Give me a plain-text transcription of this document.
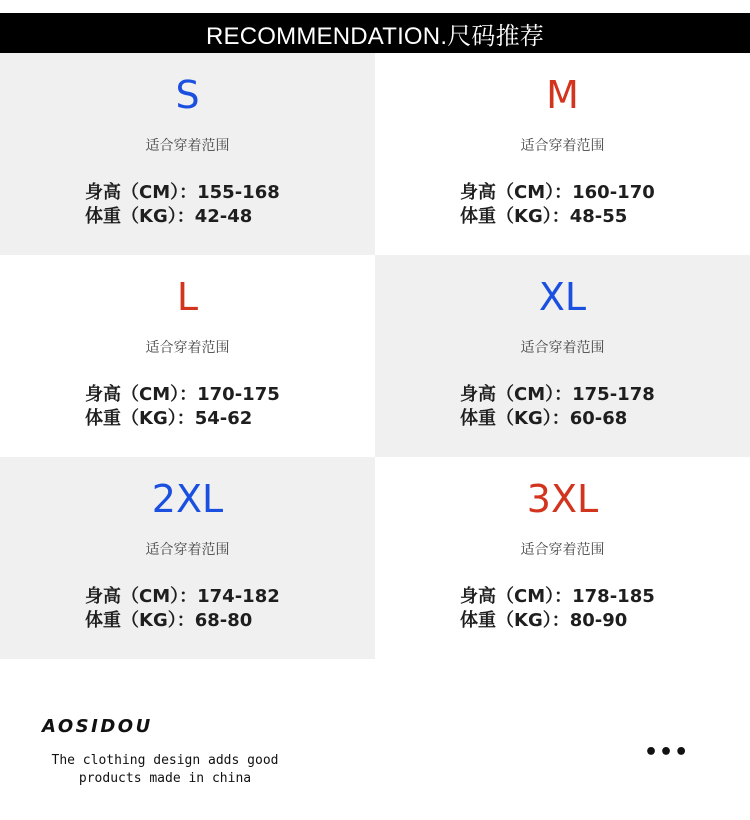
RECOMMENDATION.尺码推荐
S
适合穿着范围
身高（CM）：155-168
体重（KG）：42-48
M
适合穿着范围
身高（CM）：160-170
体重（KG）：48-55
L
适合穿着范围
身高（CM）：170-175
体重（KG）：54-62
XL
适合穿着范围
身高（CM）：175-178
体重（KG）：60-68
2XL
适合穿着范围
身高（CM）：174-182
体重（KG）：68-80
3XL
适合穿着范围
身高（CM）：178-185
体重（KG）：80-90
AOSIDOU
The clothing design adds good
products made in china
•••
